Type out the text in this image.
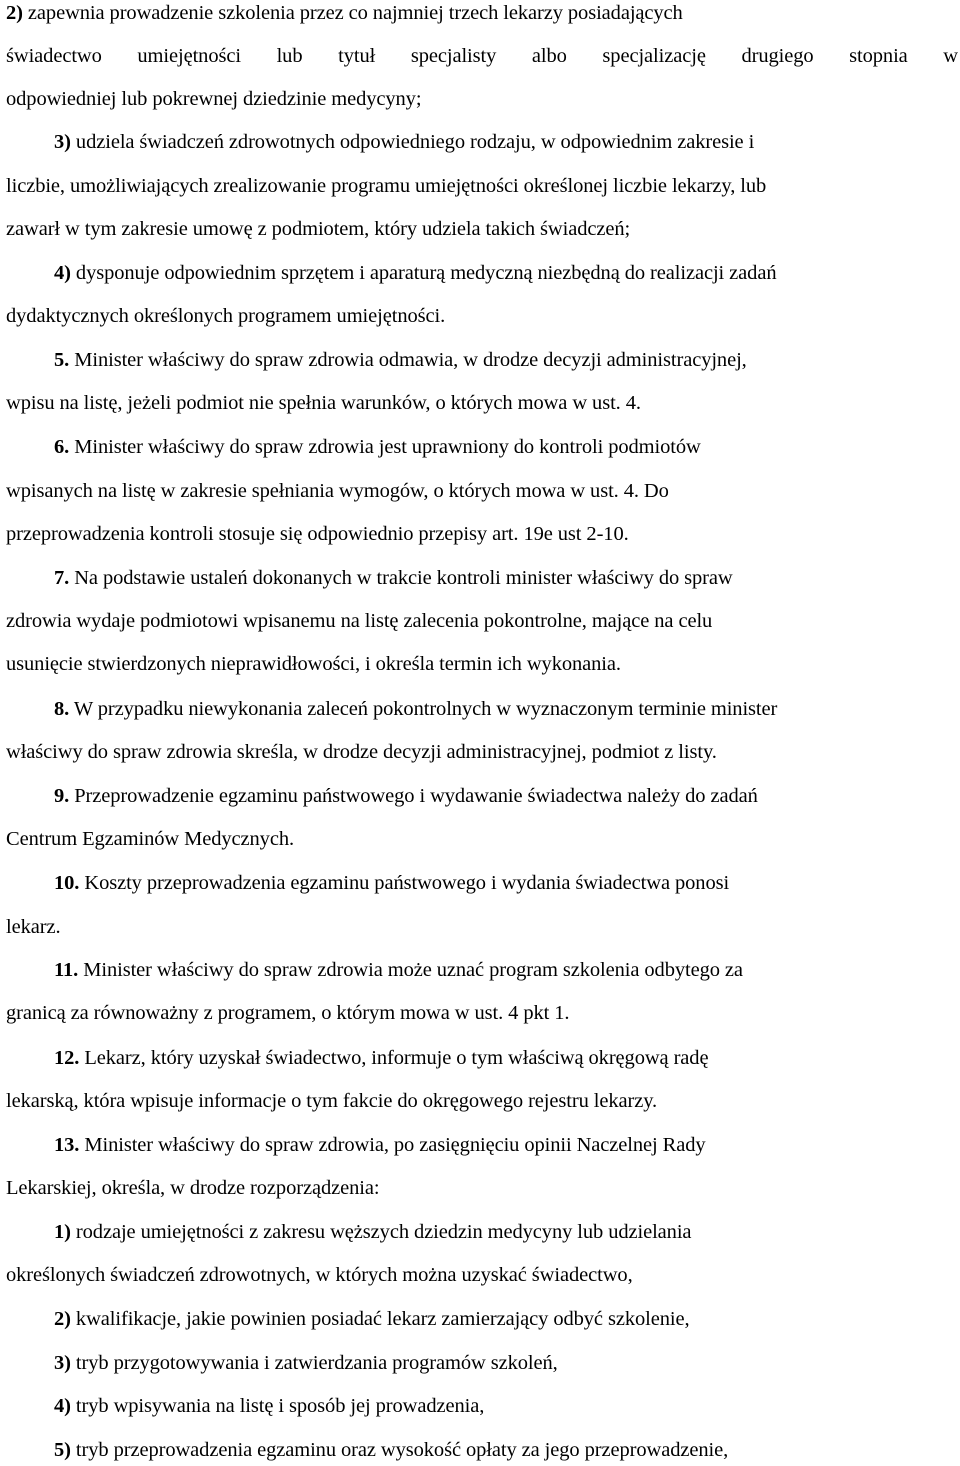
2) zapewnia prowadzenie szkolenia przez co najmniej trzech lekarzy posiadających
świadectwo umiejętności lub tytuł specjalisty albo specjalizację drugiego stopnia w
odpowiedniej lub pokrewnej dziedzinie medycyny;
3) udziela świadczeń zdrowotnych odpowiedniego rodzaju, w odpowiednim zakresie i
liczbie, umożliwiających zrealizowanie programu umiejętności określonej liczbie lekarzy, lub
zawarł w tym zakresie umowę z podmiotem, który udziela takich świadczeń;
4) dysponuje odpowiednim sprzętem i aparaturą medyczną niezbędną do realizacji zadań
dydaktycznych określonych programem umiejętności.
5. Minister właściwy do spraw zdrowia odmawia, w drodze decyzji administracyjnej,
wpisu na listę, jeżeli podmiot nie spełnia warunków, o których mowa w ust. 4.
6. Minister właściwy do spraw zdrowia jest uprawniony do kontroli podmiotów
wpisanych na listę w zakresie spełniania wymogów, o których mowa w ust. 4. Do
przeprowadzenia kontroli stosuje się odpowiednio przepisy art. 19e ust 2-10.
7. Na podstawie ustaleń dokonanych w trakcie kontroli minister właściwy do spraw
zdrowia wydaje podmiotowi wpisanemu na listę zalecenia pokontrolne, mające na celu
usunięcie stwierdzonych nieprawidłowości, i określa termin ich wykonania.
8. W przypadku niewykonania zaleceń pokontrolnych w wyznaczonym terminie minister
właściwy do spraw zdrowia skreśla, w drodze decyzji administracyjnej, podmiot z listy.
9. Przeprowadzenie egzaminu państwowego i wydawanie świadectwa należy do zadań
Centrum Egzaminów Medycznych.
10. Koszty przeprowadzenia egzaminu państwowego i wydania świadectwa ponosi
lekarz.
11. Minister właściwy do spraw zdrowia może uznać program szkolenia odbytego za
granicą za równoważny z programem, o którym mowa w ust. 4 pkt 1.
12. Lekarz, który uzyskał świadectwo, informuje o tym właściwą okręgową radę
lekarską, która wpisuje informacje o tym fakcie do okręgowego rejestru lekarzy.
13. Minister właściwy do spraw zdrowia, po zasięgnięciu opinii Naczelnej Rady
Lekarskiej, określa, w drodze rozporządzenia:
1) rodzaje umiejętności z zakresu węższych dziedzin medycyny lub udzielania
określonych świadczeń zdrowotnych, w których można uzyskać świadectwo,
2) kwalifikacje, jakie powinien posiadać lekarz zamierzający odbyć szkolenie,
3) tryb przygotowywania i zatwierdzania programów szkoleń,
4) tryb wpisywania na listę i sposób jej prowadzenia,
5) tryb przeprowadzenia egzaminu oraz wysokość opłaty za jego przeprowadzenie,
